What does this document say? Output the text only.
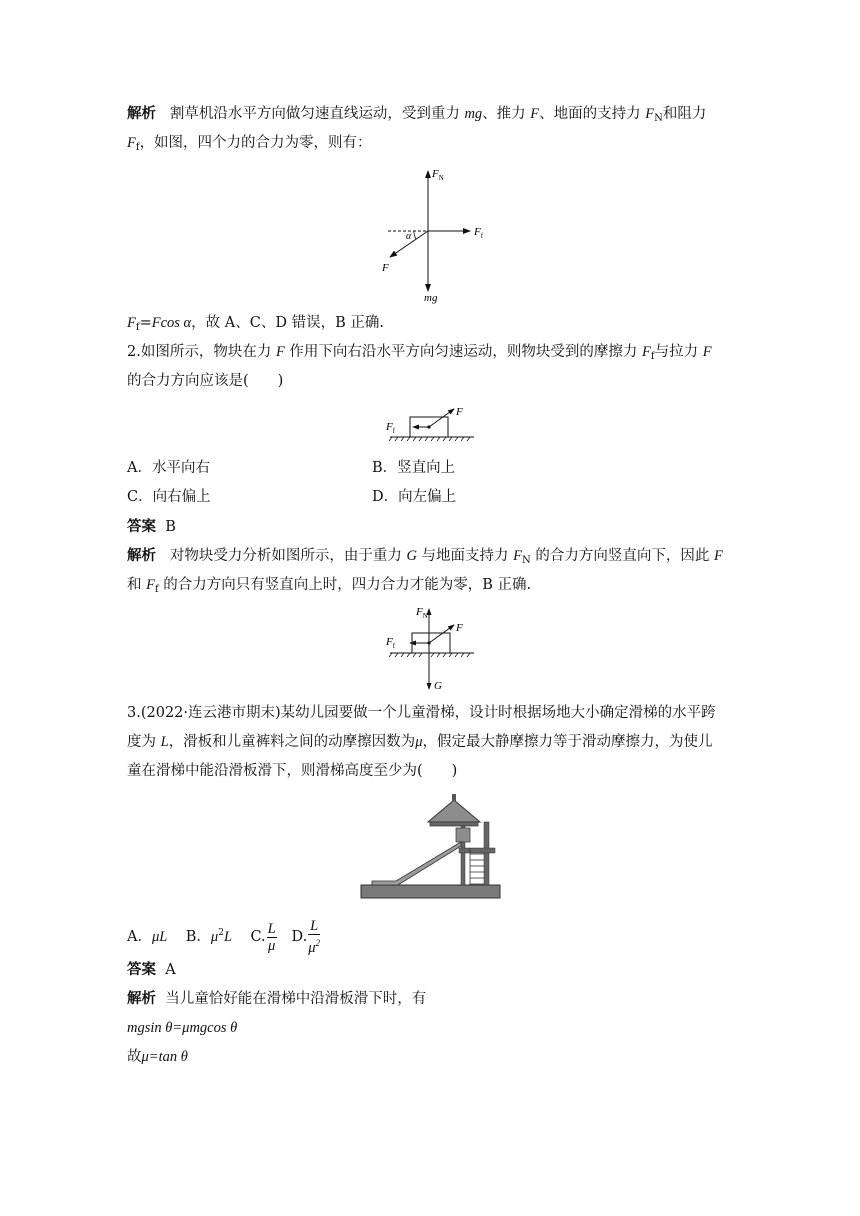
解析 割草机沿水平方向做匀速直线运动，受到重力 mg、推力 F、地面的支持力 $F_N$和阻力
$F_f$，如图，四个力的合力为零，则有：
$F_N$
$F_f$
F
α
mg
$F_f=Fcos$ α，故 A、C、D 错误，B 正确.
2.如图所示，物块在力 F 作用下向右沿水平方向匀速运动，则物块受到的摩擦力 $F_f$与拉力 F
的合力方向应该是(　　)
$F_f$
F
A．水平向右	B．竖直向上
C．向右偏上	D．向左偏上
答案 B
解析 对物块受力分析如图所示，由于重力 G 与地面支持力 $F_N$ 的合力方向竖直向下，因此 F
和 $F_f$ 的合力方向只有竖直向上时，四力合力才能为零，B 正确.
$F_N$
$F_f$
F
G
3.(2022·连云港市期末)某幼儿园要做一个儿童滑梯，设计时根据场地大小确定滑梯的水平跨
度为 L，滑板和儿童裤料之间的动摩擦因数为μ，假定最大静摩擦力等于滑动摩擦力，为使儿
童在滑梯中能沿滑板滑下，则滑梯高度至少为(　　)
A．μL B．$\mu^2L$ C. $\frac{L}{\mu} D$. $\frac{L}{\mu^2}$
答案 A
解析 当儿童恰好能在滑梯中沿滑板滑下时，有
mgsin θ=μmgcos θ
故μ=tan θ
